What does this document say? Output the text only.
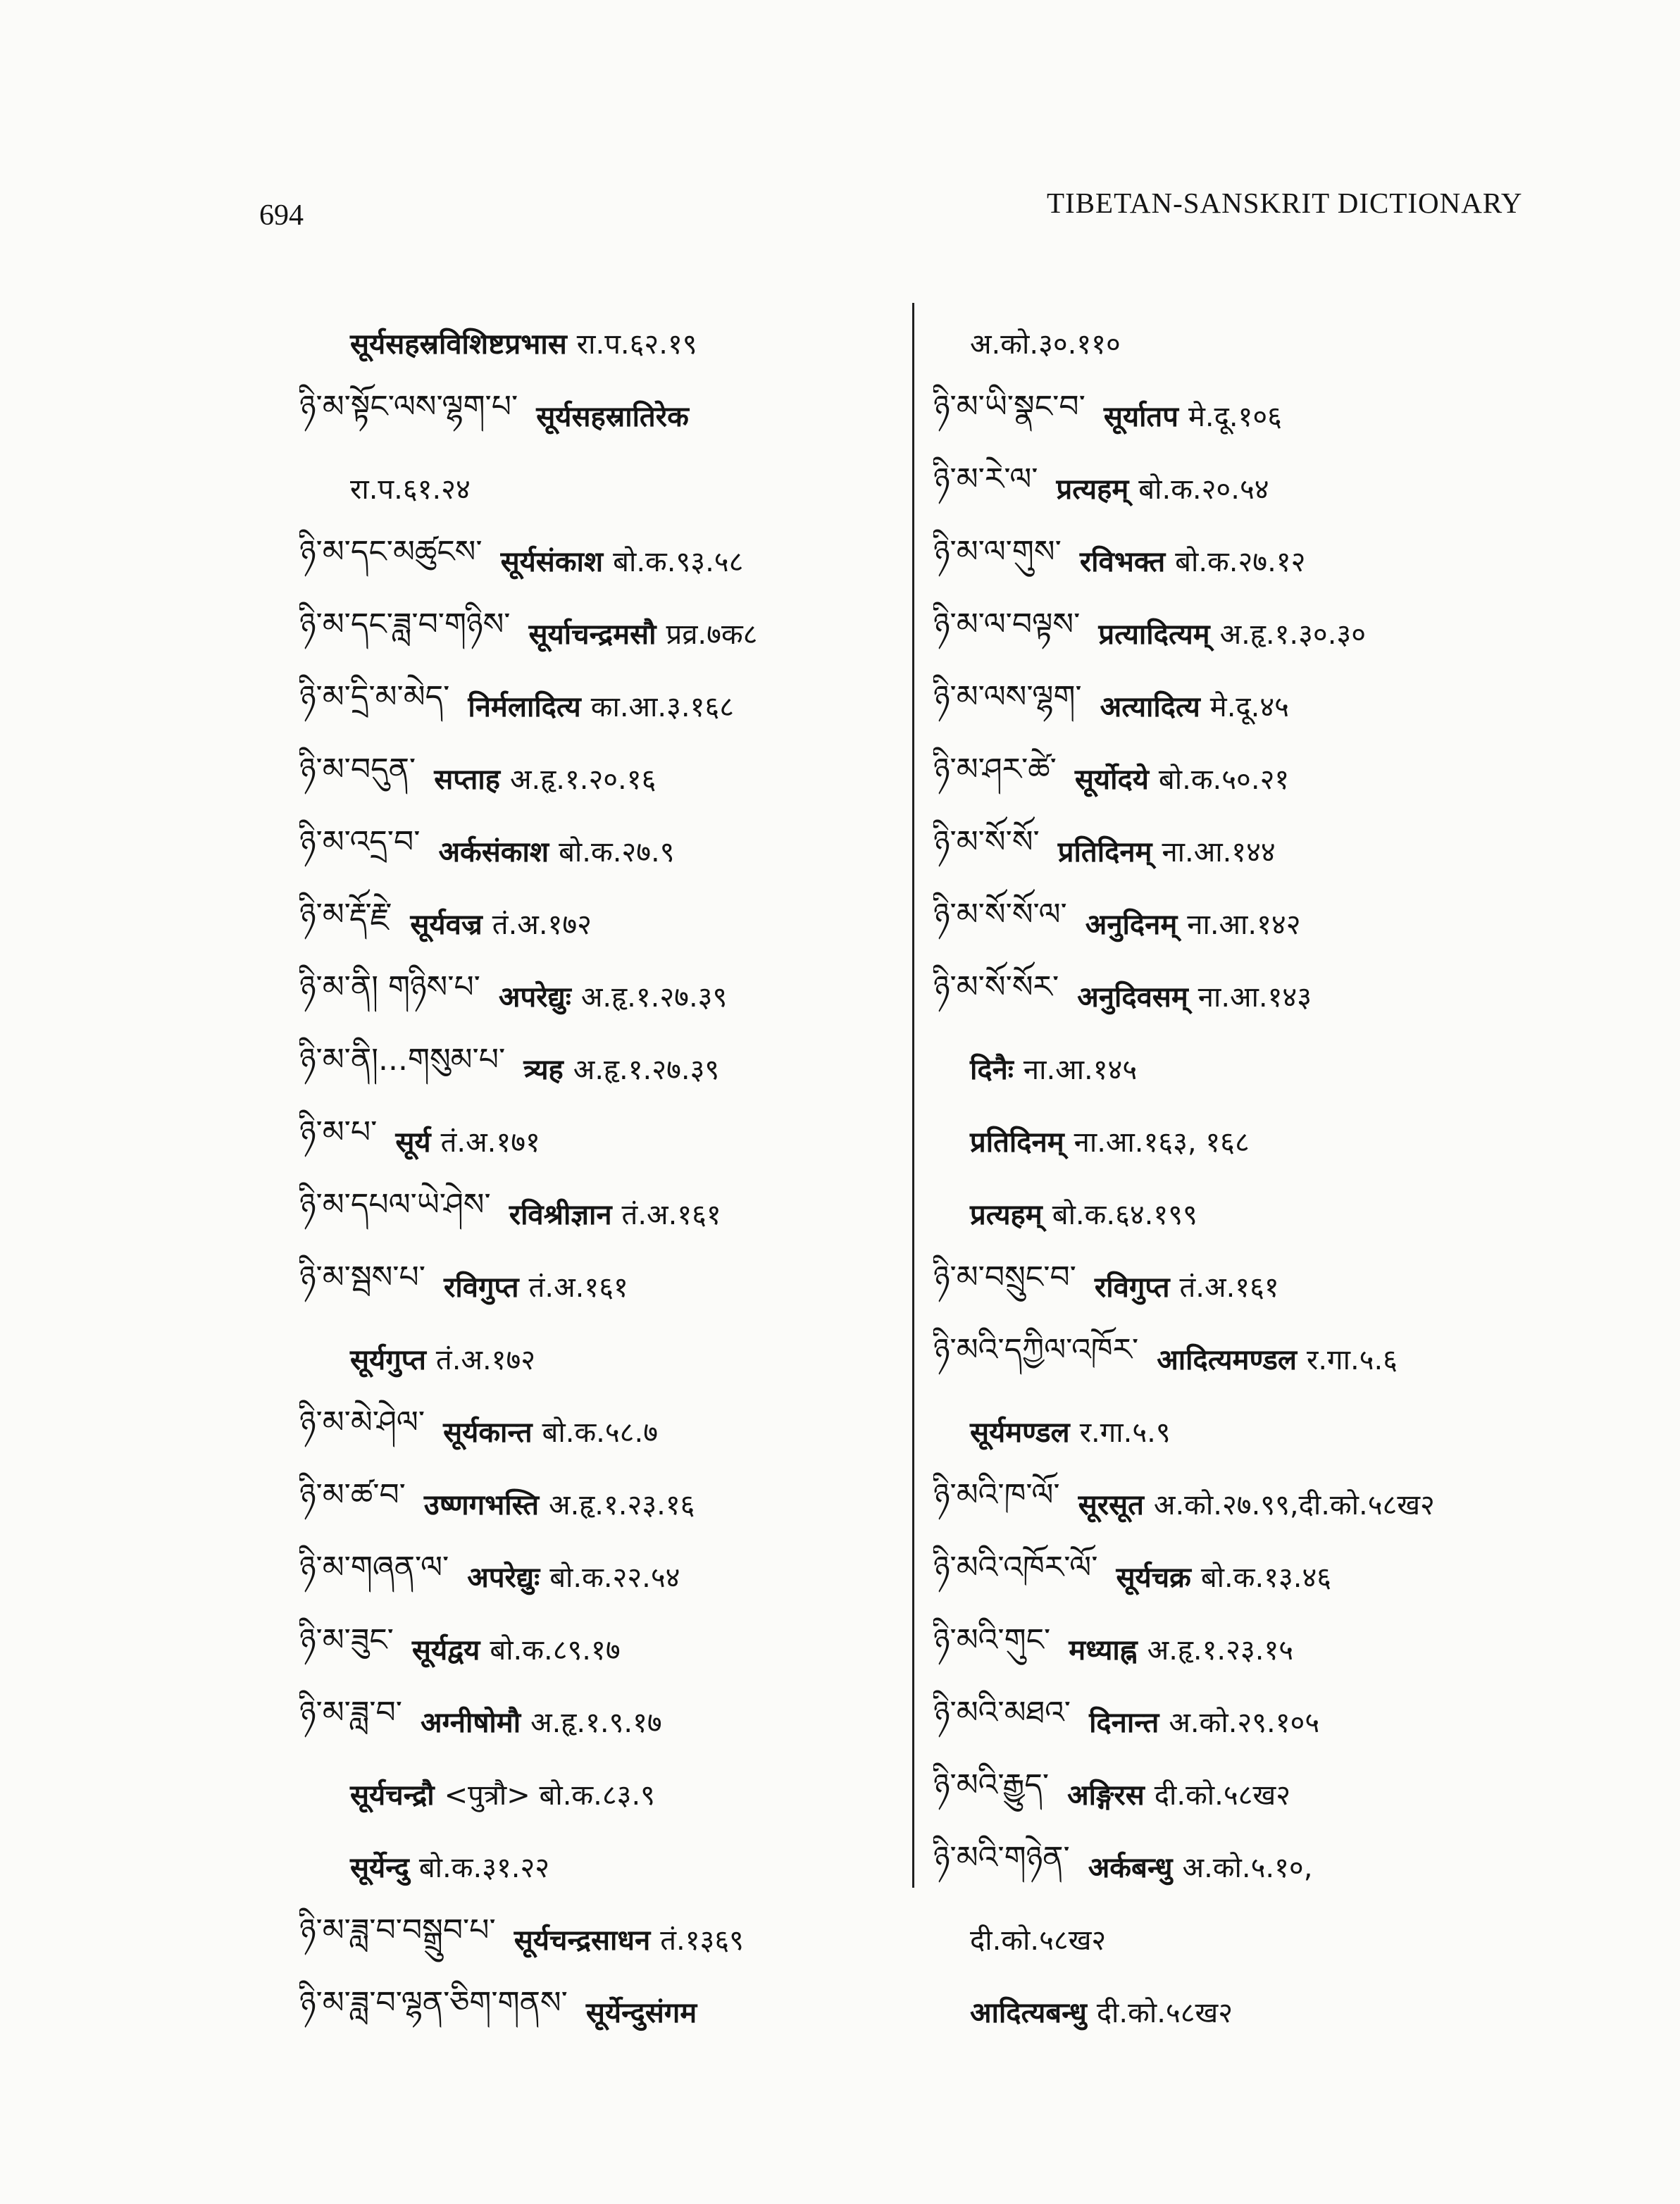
694	TIBETAN-SANSKRIT DICTIONARY
सूर्यसहस्रविशिष्टप्रभास रा.प.६२.१९
ཉི་མ་སྟོང་ལས་ལྷག་པ་ सूर्यसहस्रातिरेक
रा.प.६१.२४
ཉི་མ་དང་མཚུངས་ सूर्यसंकाश बो.क.९३.५८
ཉི་མ་དང་ཟླ་བ་གཉིས་ सूर्याचन्द्रमसौ प्रव्र.७क८
ཉི་མ་དྲི་མ་མེད་ निर्मलादित्य का.आ.३.१६८
ཉི་མ་བདུན་ सप्ताह अ.हृ.१.२०.१६
ཉི་མ་འདྲ་བ་ अर्कसंकाश बो.क.२७.९
ཉི་མ་རྡོ་རྗེ་ सूर्यवज्र तं.अ.१७२
ཉི་མ་ནི། གཉིས་པ་ अपरेद्युः अ.हृ.१.२७.३९
ཉི་མ་ནི།...གསུམ་པ་ त्र्यह अ.हृ.१.२७.३९
ཉི་མ་པ་ सूर्य तं.अ.१७१
ཉི་མ་དཔལ་ཡེ་ཤེས་ रविश्रीज्ञान तं.अ.१६१
ཉི་མ་སྦས་པ་ रविगुप्त तं.अ.१६१
सूर्यगुप्त तं.अ.१७२
ཉི་མ་མེ་ཤེལ་ सूर्यकान्त बो.क.५८.७
ཉི་མ་ཚ་བ་ उष्णगभस्ति अ.हृ.१.२३.१६
ཉི་མ་གཞན་ལ་ अपरेद्युः बो.क.२२.५४
ཉི་མ་ཟུང་ सूर्यद्वय बो.क.८९.१७
ཉི་མ་ཟླ་བ་ अग्नीषोमौ अ.हृ.१.९.१७
सूर्यचन्द्रौ <पुत्रौ> बो.क.८३.९
सूर्येन्दु बो.क.३१.२२
ཉི་མ་ཟླ་བ་བསྒྲུབ་པ་ सूर्यचन्द्रसाधन तं.१३६९
ཉི་མ་ཟླ་བ་ལྷན་ཅིག་གནས་ सूर्येन्दुसंगम
अ.को.३०.११०
ཉི་མ་ཡི་སྣང་བ་ सूर्यातप मे.दू.१०६
ཉི་མ་རེ་ལ་ प्रत्यहम् बो.क.२०.५४
ཉི་མ་ལ་གུས་ रविभक्त बो.क.२७.१२
ཉི་མ་ལ་བལྟས་ प्रत्यादित्यम् अ.हृ.१.३०.३०
ཉི་མ་ལས་ལྷག་ अत्यादित्य मे.दू.४५
ཉི་མ་ཤར་ཚེ་ सूर्योदये बो.क.५०.२१
ཉི་མ་སོ་སོ་ प्रतिदिनम् ना.आ.१४४
ཉི་མ་སོ་སོ་ལ་ अनुदिनम् ना.आ.१४२
ཉི་མ་སོ་སོར་ अनुदिवसम् ना.आ.१४३
दिनैः ना.आ.१४५
प्रतिदिनम् ना.आ.१६३, १६८
प्रत्यहम् बो.क.६४.१९९
ཉི་མ་བསྲུང་བ་ रविगुप्त तं.अ.१६१
ཉི་མའི་དཀྱིལ་འཁོར་ आदित्यमण्डल र.गा.५.६
सूर्यमण्डल र.गा.५.९
ཉི་མའི་ཁ་ལོ་ सूरसूत अ.को.२७.९९,दी.को.५८ख२
ཉི་མའི་འཁོར་ལོ་ सूर्यचक्र बो.क.१३.४६
ཉི་མའི་གུང་ मध्याह्न अ.हृ.१.२३.१५
ཉི་མའི་མཐའ་ दिनान्त अ.को.२९.१०५
ཉི་མའི་རྒྱུད་ अङ्गिरस दी.को.५८ख२
ཉི་མའི་གཉེན་ अर्कबन्धु अ.को.५.१०,
दी.को.५८ख२
आदित्यबन्धु दी.को.५८ख२
